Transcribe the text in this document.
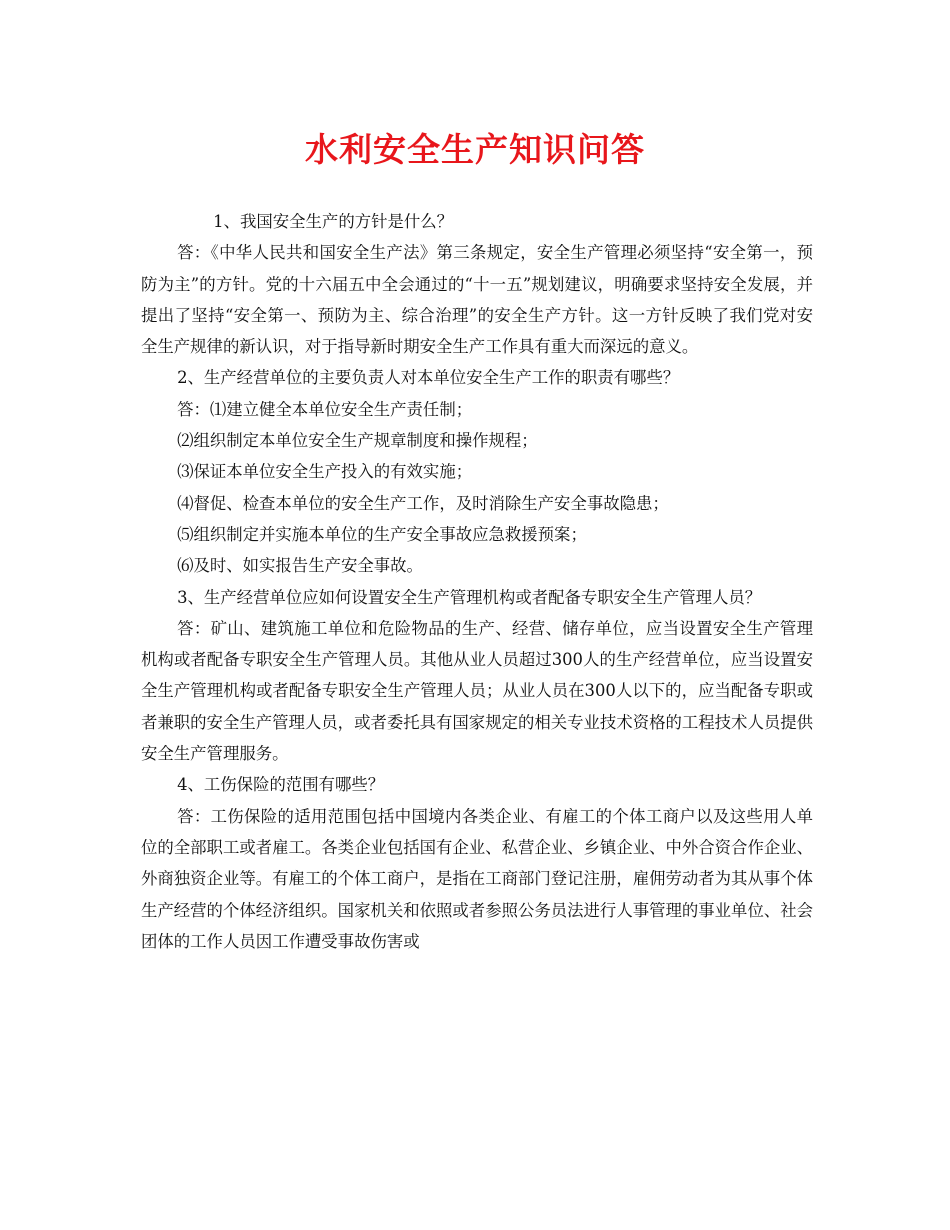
水利安全生产知识问答

1、我国安全生产的方针是什么？

答：《中华人民共和国安全生产法》第三条规定，安全生产管理必须坚持“安全第一，预防为主”的方针。党的十六届五中全会通过的“十一五”规划建议，明确要求坚持安全发展，并提出了坚持“安全第一、预防为主、综合治理”的安全生产方针。这一方针反映了我们党对安全生产规律的新认识，对于指导新时期安全生产工作具有重大而深远的意义。

2、生产经营单位的主要负责人对本单位安全生产工作的职责有哪些？

答：⑴建立健全本单位安全生产责任制；

⑵组织制定本单位安全生产规章制度和操作规程；

⑶保证本单位安全生产投入的有效实施；

⑷督促、检查本单位的安全生产工作，及时消除生产安全事故隐患；

⑸组织制定并实施本单位的生产安全事故应急救援预案；

⑹及时、如实报告生产安全事故。

3、生产经营单位应如何设置安全生产管理机构或者配备专职安全生产管理人员？

答：矿山、建筑施工单位和危险物品的生产、经营、储存单位，应当设置安全生产管理机构或者配备专职安全生产管理人员。其他从业人员超过300人的生产经营单位，应当设置安全生产管理机构或者配备专职安全生产管理人员；从业人员在300人以下的，应当配备专职或者兼职的安全生产管理人员，或者委托具有国家规定的相关专业技术资格的工程技术人员提供安全生产管理服务。

4、工伤保险的范围有哪些？

答：工伤保险的适用范围包括中国境内各类企业、有雇工的个体工商户以及这些用人单位的全部职工或者雇工。各类企业包括国有企业、私营企业、乡镇企业、中外合资合作企业、外商独资企业等。有雇工的个体工商户，是指在工商部门登记注册，雇佣劳动者为其从事个体生产经营的个体经济组织。国家机关和依照或者参照公务员法进行人事管理的事业单位、社会团体的工作人员因工作遭受事故伤害或
